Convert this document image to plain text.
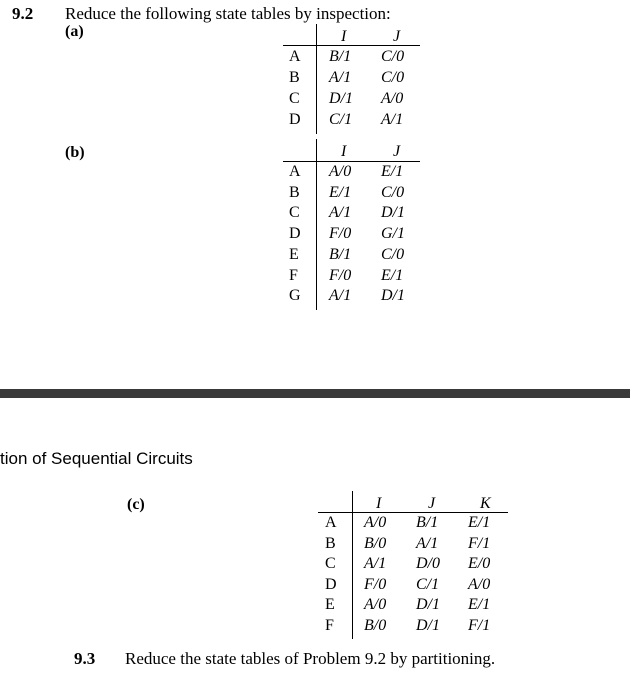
9.2 Reduce the following state tables by inspection:
(a)	I	J
A B/1 C/0
B A/1 C/0
C D/1 A/0
D C/1 A/1
(b)	I	J
A A/0 E/1
B E/1 C/0
C A/1 D/1
D F/0 G/1
E B/1 C/0
F F/0 E/1
G A/1 D/1
tion of Sequential Circuits
(c)	I	J	K
A A/0 B/1 E/1
B B/0 A/1 F/1
C A/1 D/0 E/0
D F/0 C/1 A/0
E A/0 D/1 E/1
F B/0 D/1 F/1
9.3 Reduce the state tables of Problem 9.2 by partitioning.
